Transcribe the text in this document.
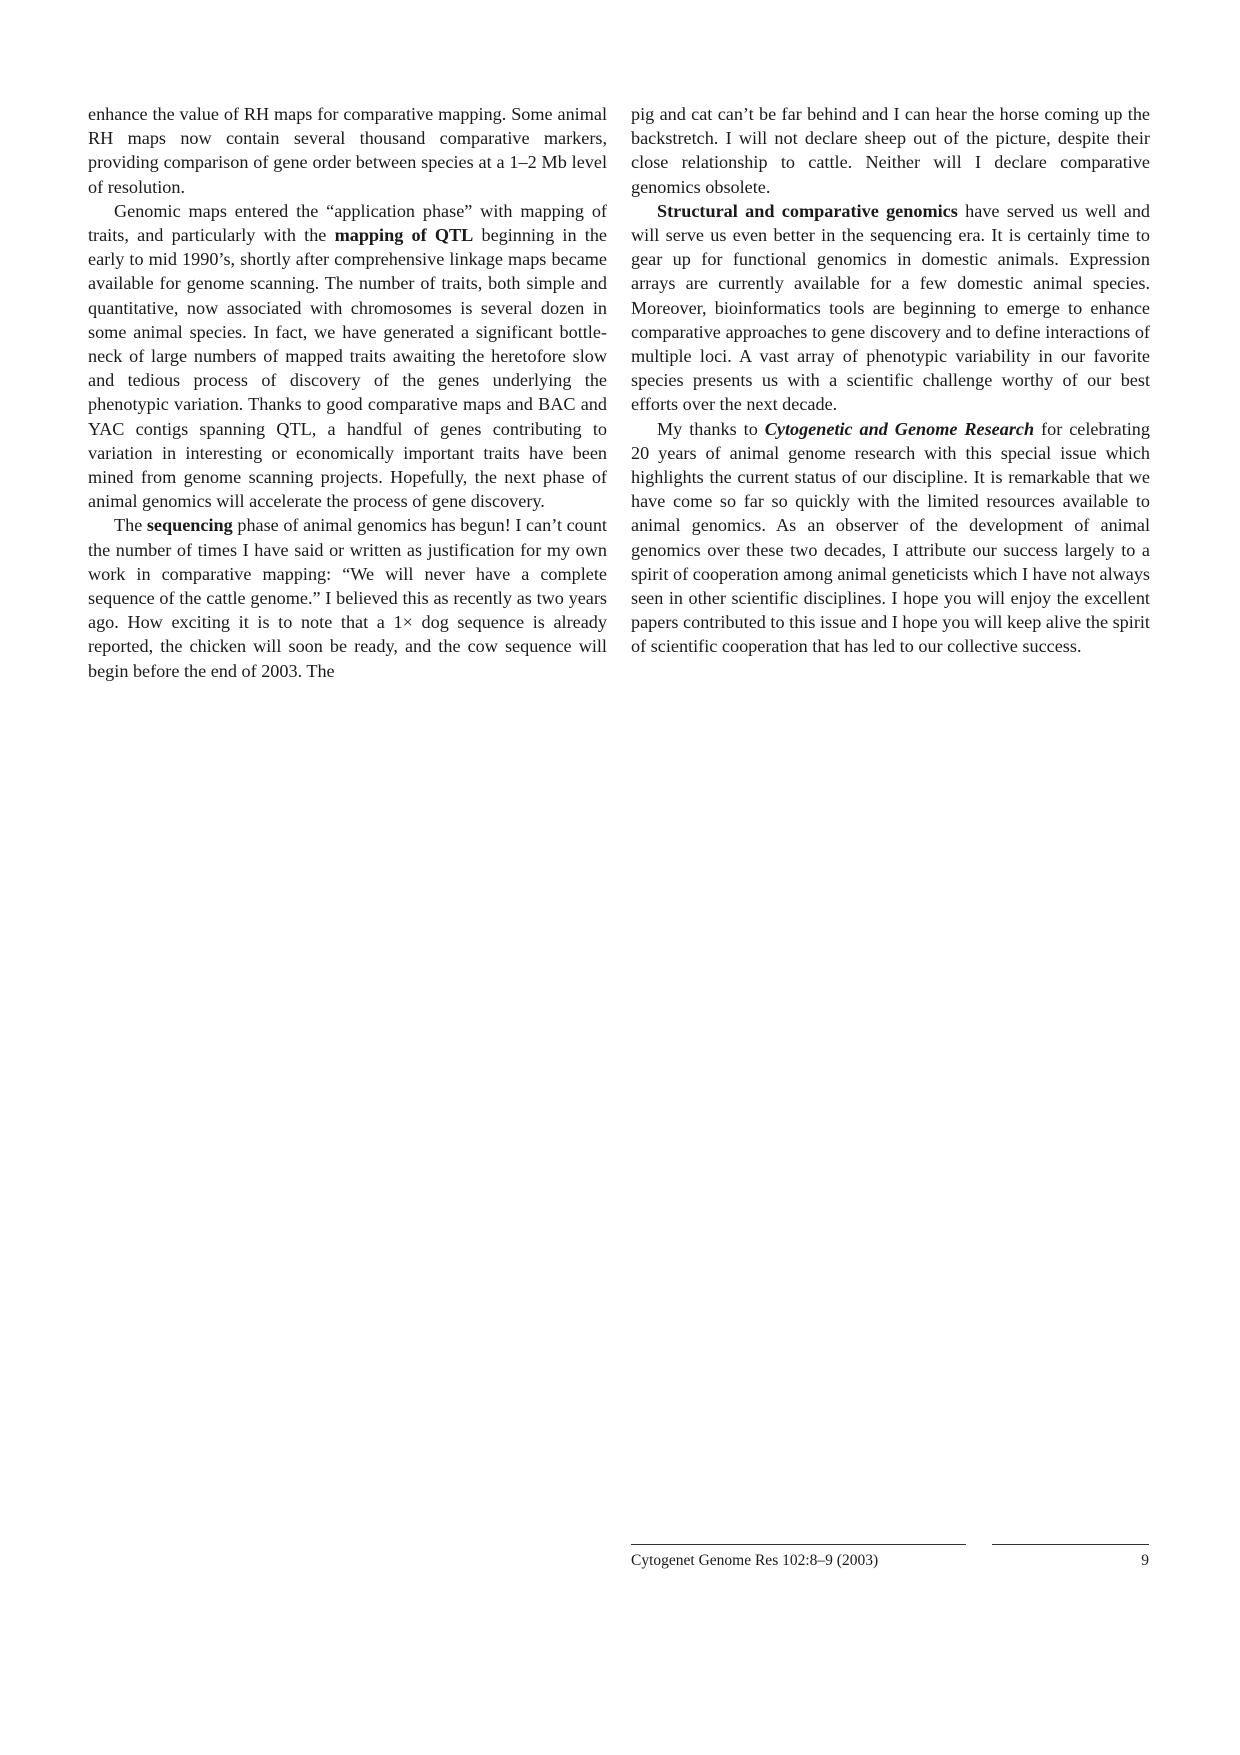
enhance the value of RH maps for comparative mapping. Some animal RH maps now contain several thousand comparative markers, providing comparison of gene order between species at a 1–2 Mb level of resolution.

Genomic maps entered the “application phase” with mapping of traits, and particularly with the mapping of QTL beginning in the early to mid 1990’s, shortly after comprehensive linkage maps became available for genome scanning. The number of traits, both simple and quantitative, now associated with chromosomes is several dozen in some animal species. In fact, we have generated a significant bottle-neck of large numbers of mapped traits awaiting the heretofore slow and tedious process of discovery of the genes underlying the phenotypic variation. Thanks to good comparative maps and BAC and YAC contigs spanning QTL, a handful of genes contributing to variation in interesting or economically important traits have been mined from genome scanning projects. Hopefully, the next phase of animal genomics will accelerate the process of gene discovery.

The sequencing phase of animal genomics has begun! I can’t count the number of times I have said or written as justification for my own work in comparative mapping: “We will never have a complete sequence of the cattle genome.” I believed this as recently as two years ago. How exciting it is to note that a 1× dog sequence is already reported, the chicken will soon be ready, and the cow sequence will begin before the end of 2003. The

pig and cat can’t be far behind and I can hear the horse coming up the backstretch. I will not declare sheep out of the picture, despite their close relationship to cattle. Neither will I declare comparative genomics obsolete.

Structural and comparative genomics have served us well and will serve us even better in the sequencing era. It is certainly time to gear up for functional genomics in domestic animals. Expression arrays are currently available for a few domestic animal species. Moreover, bioinformatics tools are beginning to emerge to enhance comparative approaches to gene discovery and to define interactions of multiple loci. A vast array of phenotypic variability in our favorite species presents us with a scientific challenge worthy of our best efforts over the next decade.

My thanks to Cytogenetic and Genome Research for celebrating 20 years of animal genome research with this special issue which highlights the current status of our discipline. It is remarkable that we have come so far so quickly with the limited resources available to animal genomics. As an observer of the development of animal genomics over these two decades, I attribute our success largely to a spirit of cooperation among animal geneticists which I have not always seen in other scientific disciplines. I hope you will enjoy the excellent papers contributed to this issue and I hope you will keep alive the spirit of scientific cooperation that has led to our collective success.

Cytogenet Genome Res 102:8–9 (2003)	9
